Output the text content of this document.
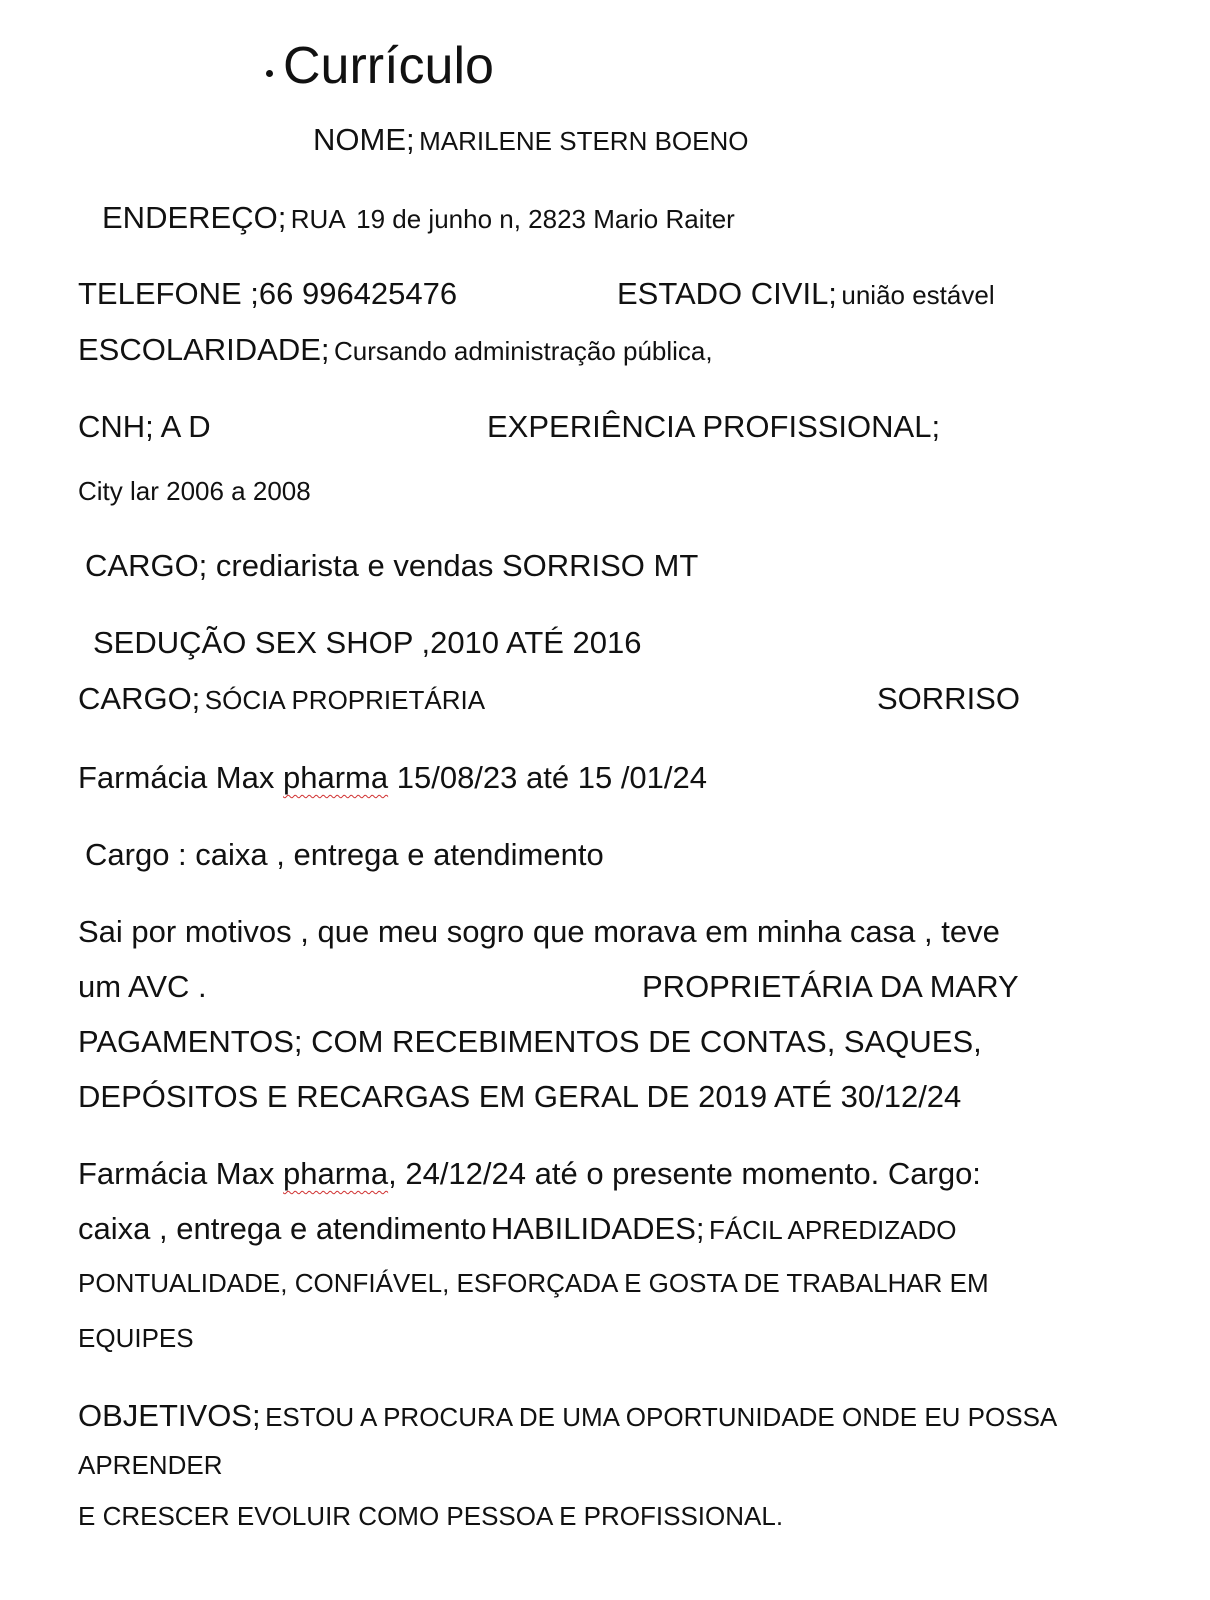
Currículo
NOME; MARILENE STERN BOENO
ENDEREÇO; RUA 19 de junho n, 2823 Mario Raiter
TELEFONE ;66 996425476	ESTADO CIVIL; união estável
ESCOLARIDADE; Cursando administração pública,
CNH; A D	EXPERIÊNCIA PROFISSIONAL;
City lar 2006 a 2008
CARGO; crediarista e vendas SORRISO MT
SEDUÇÃO SEX SHOP ,2010 ATÉ 2016
CARGO; SÓCIA PROPRIETÁRIA	SORRISO
Farmácia Max pharma 15/08/23 até 15 /01/24
Cargo : caixa , entrega e atendimento
Sai por motivos , que meu sogro que morava em minha casa , teve
um AVC .	PROPRIETÁRIA DA MARY
PAGAMENTOS; COM RECEBIMENTOS DE CONTAS, SAQUES,
DEPÓSITOS E RECARGAS EM GERAL DE 2019 ATÉ 30/12/24
Farmácia Max pharma, 24/12/24 até o presente momento. Cargo:
caixa , entrega e atendimento HABILIDADES; FÁCIL APREDIZADO
PONTUALIDADE, CONFIÁVEL, ESFORÇADA E GOSTA DE TRABALHAR EM
EQUIPES
OBJETIVOS; ESTOU A PROCURA DE UMA OPORTUNIDADE ONDE EU POSSA
APRENDER
E CRESCER EVOLUIR COMO PESSOA E PROFISSIONAL.
